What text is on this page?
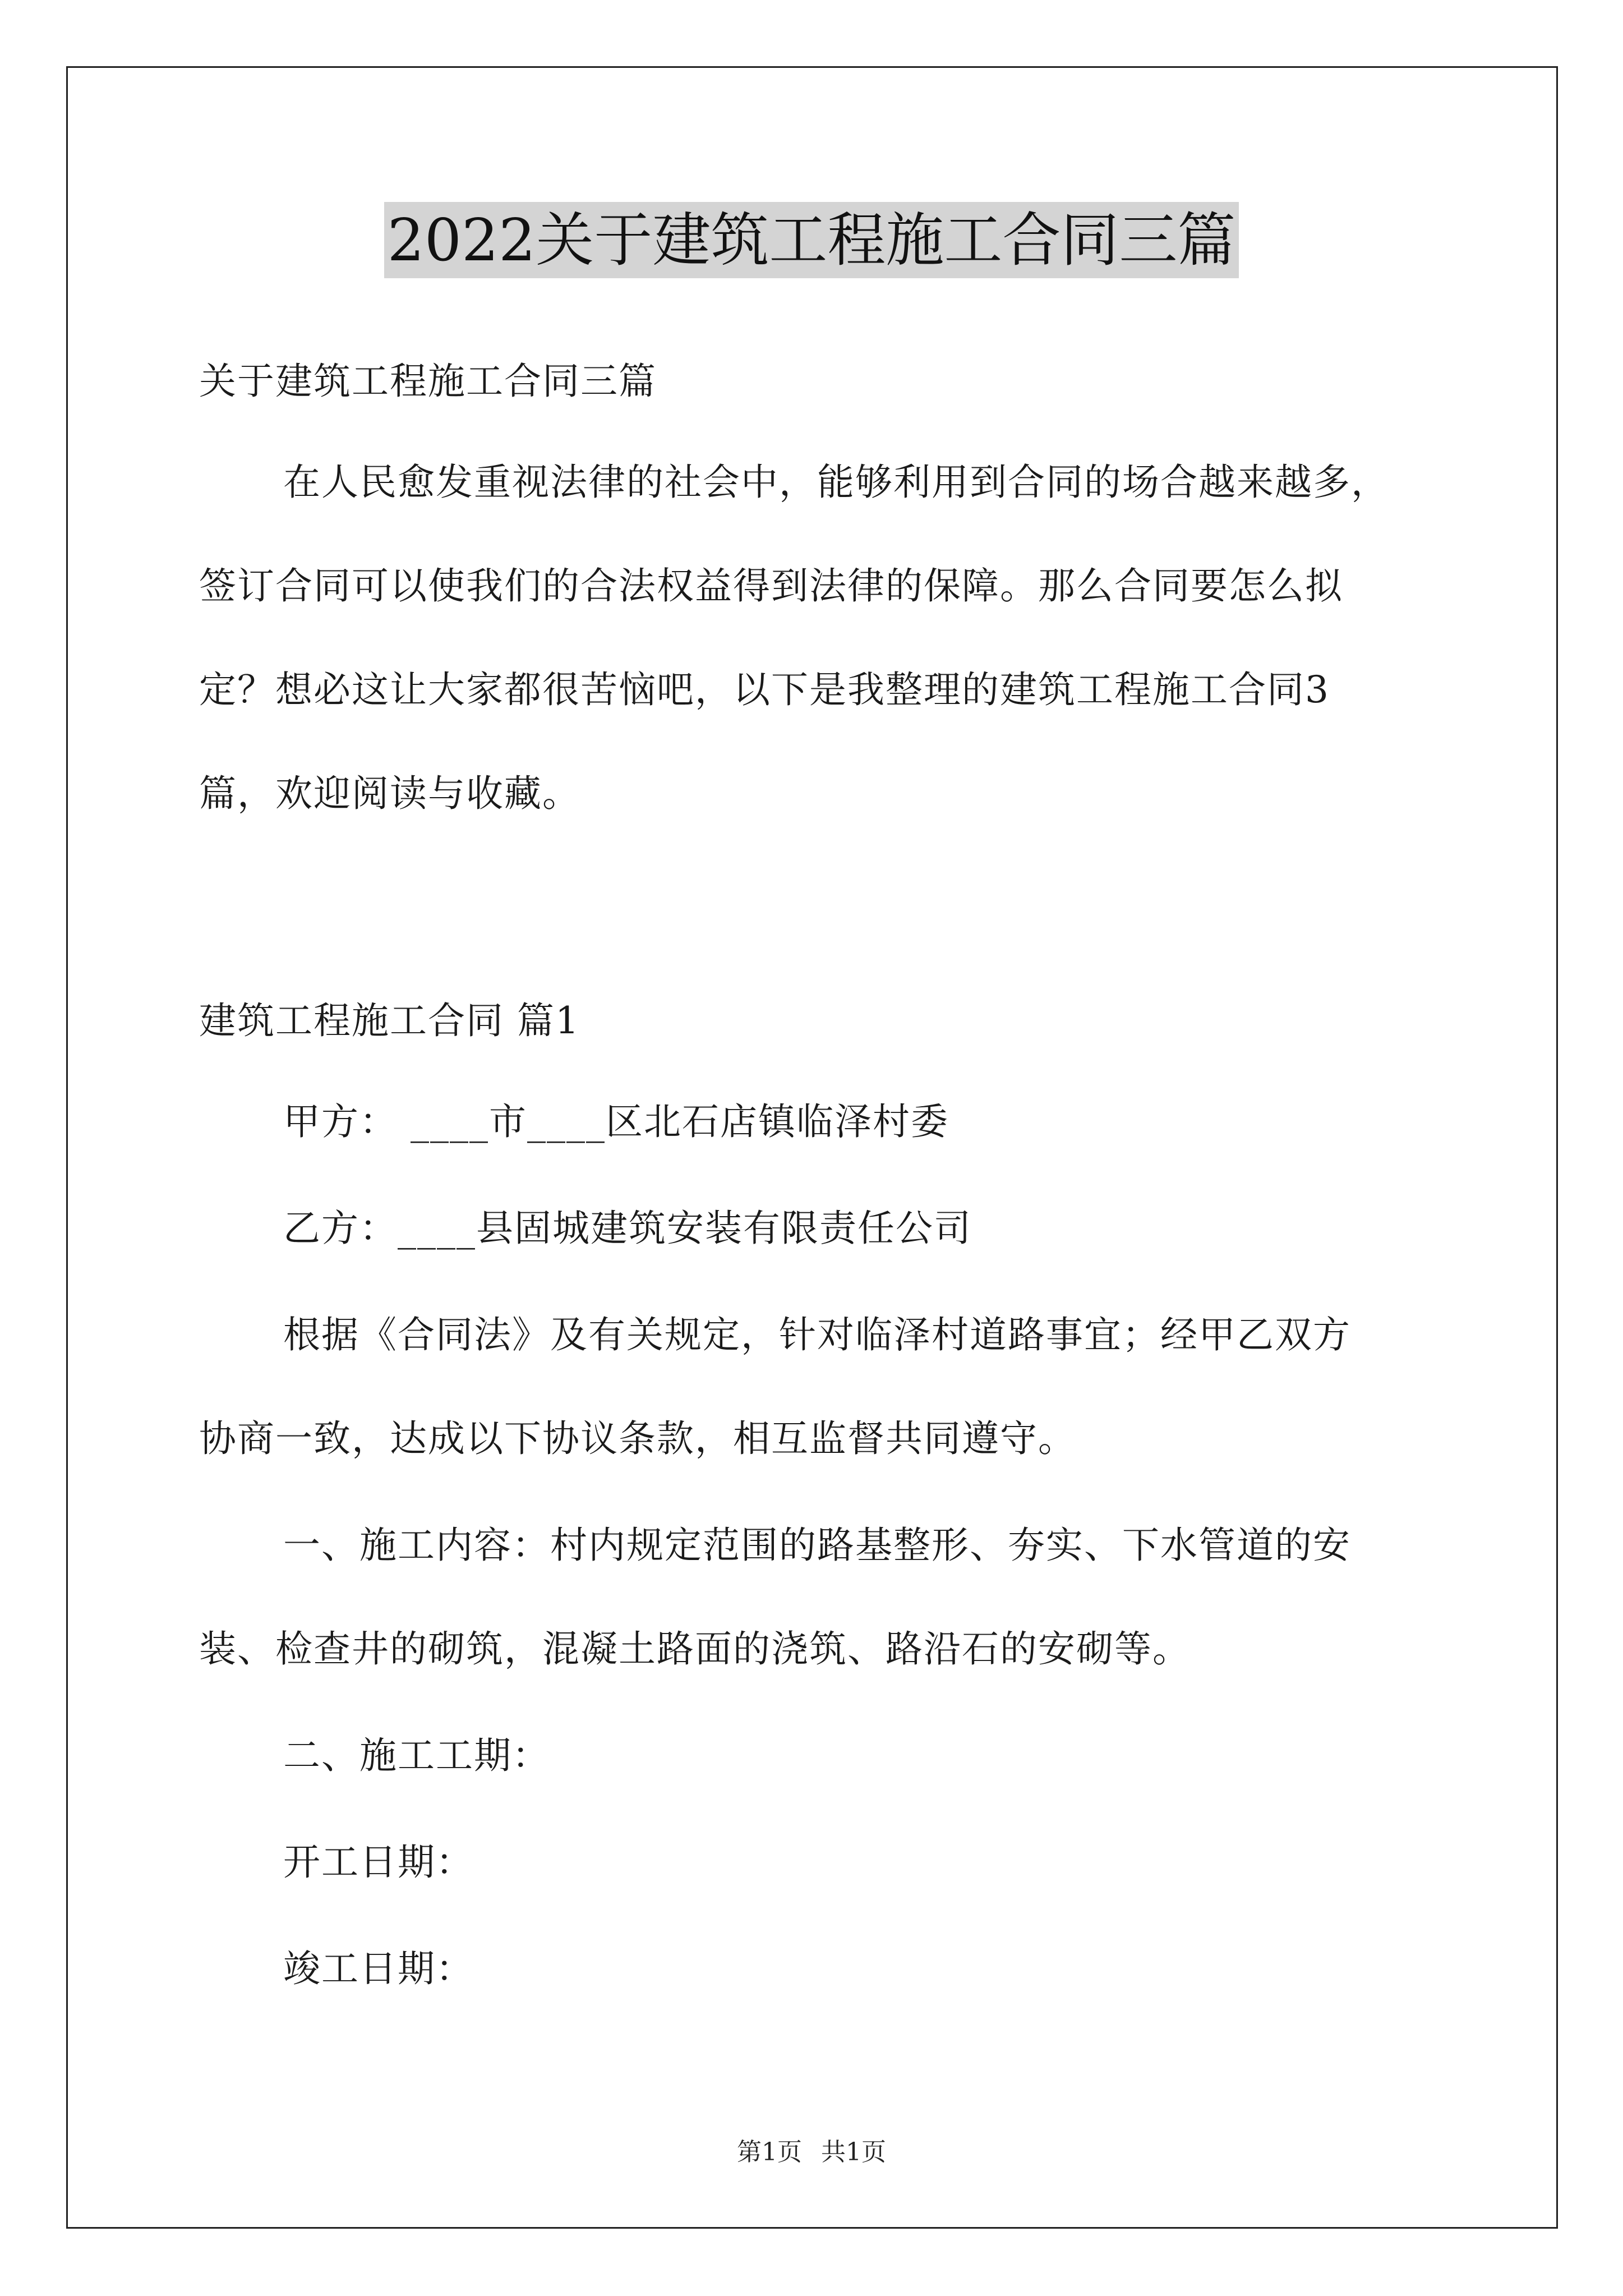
2022关于建筑工程施工合同三篇
关于建筑工程施工合同三篇
在人民愈发重视法律的社会中，能够利用到合同的场合越来越多，
签订合同可以使我们的合法权益得到法律的保障。那么合同要怎么拟
定？想必这让大家都很苦恼吧，以下是我整理的建筑工程施工合同3
篇，欢迎阅读与收藏。
建筑工程施工合同 篇1
甲方： ____市____区北石店镇临泽村委
乙方：____县固城建筑安装有限责任公司
根据《合同法》及有关规定，针对临泽村道路事宜；经甲乙双方
协商一致，达成以下协议条款，相互监督共同遵守。
一、施工内容：村内规定范围的路基整形、夯实、下水管道的安
装、检查井的砌筑，混凝土路面的浇筑、路沿石的安砌等。
二、施工工期：
开工日期：
竣工日期：
第1页 共1页
